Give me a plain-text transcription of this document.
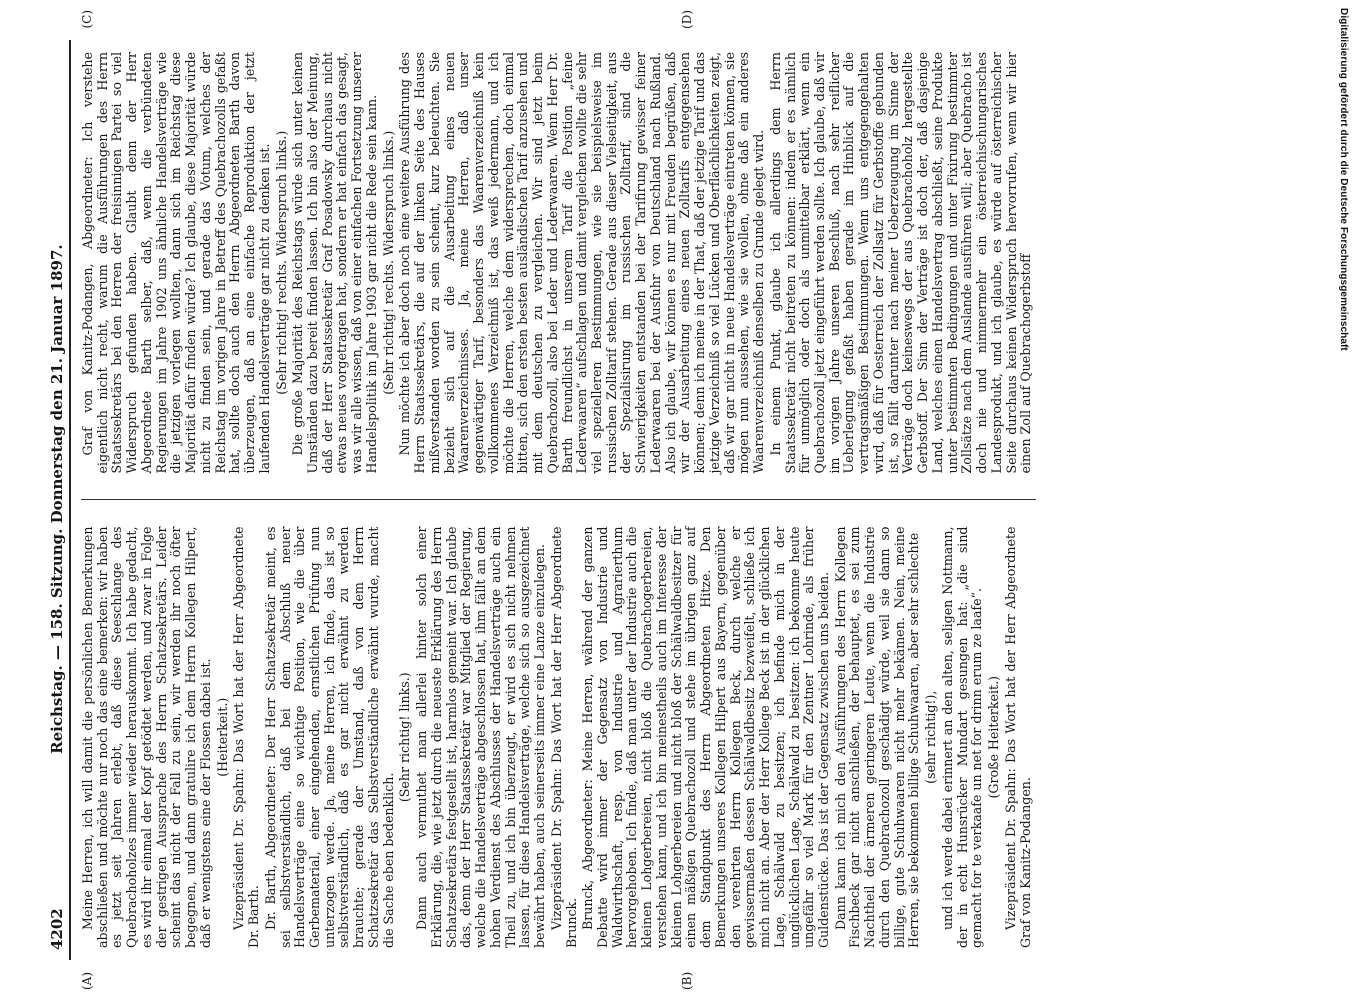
4202
Reichstag. — 158. Sitzung. Donnerstag den 21. Januar 1897. Meine Herren, ich will damit die persönlichen Bemerkungen abschließen und möchte nur noch das eine bemerken: wir haben es jetzt seit Jahren erlebt, daß diese Seeschlange des Quebrachoholzes immer wieder herauskommt. Ich habe gedacht, es wird ihr einmal der Kopf getödtet werden, und zwar in Folge der gestrigen Aussprache des Herrn Schatzsekretärs. Leider scheint das nicht der Fall zu sein, wir werden ihr noch öfter begegnen, und dann gratulire ich dem Herrn Kollegen Hilpert, daß er wenigstens eine der Flossen dabei ist. (Heiterkeit.) Vizepräsident Dr. Spahn: Das Wort hat der Herr Abgeordnete Dr. Barth. Dr. Barth, Abgeordneter: Der Herr Schatzsekretär meint, es sei selbstverständlich, daß bei dem Abschluß neuer Handelsverträge eine so wichtige Position, wie die über Gerbematerial, einer eingehenden, ernstlichen Prüfung nun unterzogen werde. Ja, meine Herren, ich finde, das ist so selbstverständlich, daß es gar nicht erwähnt zu werden brauchte; gerade der Umstand, daß von dem Herrn Schatzsekretär das Selbstverständliche erwähnt wurde, macht die Sache eben bedenklich.

(Sehr richtig! links.) Dann auch vermuthet man allerlei hinter solch einer Erklärung, die, wie jetzt durch die neueste Erklärung des Herrn Schatzsekretärs festgestellt ist, harmlos gemeint war. Ich glaube das, denn der Herr Staatssekretär war Mitglied der Regierung, welche die Handelsverträge abgeschlossen hat, ihm fällt an dem hohen Verdienst des Abschlusses der Handelsverträge auch ein Theil zu, und ich bin überzeugt, er wird es sich nicht nehmen lassen, für diese Handelsverträge, welche sich so ausgezeichnet bewährt haben, auch seinerseits immer eine Lanze einzulegen. Vizepräsident Dr. Spahn: Das Wort hat der Herr Abgeordnete Brunck. Brunck, Abgeordneter: Meine Herren, während der ganzen Debatte wird immer der Gegensatz von Industrie und Waldwirthschaft, resp. von Industrie und Agrarierthum hervorgehoben. Ich finde, daß man unter der Industrie auch die kleinen Lohgerbereien, nicht bloß die Quebrachogerbereien, verstehen kann, und ich bin meinestheils auch im Interesse der kleinen Lohgerbereien und nicht bloß der Schälwaldbesitzer für einen mäßigen Quebrachozoll und stehe im übrigen ganz auf dem Standpunkt des Herrn Abgeordneten Hitze. Den Bemerkungen unseres Kollegen Hilpert aus Bayern, gegenüber den verehrten Herrn Kollegen Beck, durch welche er gewissermaßen dessen Schälwaldbesitz bezweifelt, schließe ich mich nicht an. Aber der Herr Kollege Beck ist in der glücklichen Lage, Schälwald zu besitzen; ich befinde mich in der unglücklichen Lage, Schälwald zu besitzen: ich bekomme heute ungefähr so viel Mark für den Zentner Lohrinde, als früher Guldenstücke. Das ist der Gegensatz zwischen uns beiden. Dann kann ich mich den Ausführungen des Herrn Kollegen Fischbeck gar nicht anschließen, der behauptet, es sei zum Nachtheil der ärmeren geringeren Leute, wenn die Industrie durch den Quebrachozoll geschädigt würde, weil sie dann so billige, gute Schuhwaaren nicht mehr bekämen. Nein, meine Herren, sie bekommen billige Schuhwaaren, aber sehr schlechte (sehr richtig!), und ich werde dabei erinnert an den alten, seligen Nottmann, der in echt Hunsrücker Mundart gesungen hat: „die sind gemacht for te verkaafe un net for drinn erum ze laafe“. (Große Heiterkeit.) Vizepräsident Dr. Spahn: Das Wort hat der Herr Abgeordnete Graf von Kanitz-Podangen.

Graf von Kanitz-Podangen, Abgeordneter: Ich verstehe eigentlich nicht recht, warum die Ausführungen des Herrn Staatssekretärs bei den Herren der freisinnigen Partei so viel Widerspruch gefunden haben. Glaubt denn der Herr Abgeordnete Barth selber, daß, wenn die verbündeten Regierungen im Jahre 1902 uns ähnliche Handelsverträge wie die jetzigen vorlegen wollten, dann sich im Reichstag diese Majorität dafür finden würde? Ich glaube, diese Majorität würde nicht zu finden sein, und gerade das Votum, welches der Reichstag im vorigen Jahre in Betreff des Quebrachozolls gefaßt hat, sollte doch auch den Herrn Abgeordneten Barth davon überzeugen, daß an eine einfache Reproduktion der jetzt laufenden Handelsverträge gar nicht zu denken ist. (Sehr richtig! rechts. Widerspruch links.) Die große Majorität des Reichstags würde sich unter keinen Umständen dazu bereit finden lassen. Ich bin also der Meinung, daß der Herr Staatssekretär Graf Posadowsky durchaus nicht etwas neues vorgetragen hat, sondern er hat einfach das gesagt, was wir alle wissen, daß von einer einfachen Fortsetzung unserer Handelspolitik im Jahre 1903 gar nicht die Rede sein kann. (Sehr richtig! rechts. Widerspruch links.) Nun möchte ich aber doch noch eine weitere Ausführung des Herrn Staatssekretärs, die auf der linken Seite des Hauses mißverstanden worden zu sein scheint, kurz beleuchten. Sie bezieht sich auf die Ausarbeitung eines neuen Waarenverzeichnisses. Ja, meine Herren, daß unser gegenwärtiger Tarif, besonders das Waarenverzeichniß kein vollkommenes Verzeichniß ist, das weiß jedermann, und ich möchte die Herren, welche dem widersprechen, doch einmal bitten, sich den ersten besten ausländischen Tarif anzusehen und mit dem deutschen zu vergleichen. Wir sind jetzt beim Quebrachozoll, also bei Leder und Lederwaaren. Wenn Herr Dr. Barth freundlichst in unserem Tarif die Position „feine Lederwaaren“ aufschlagen und damit vergleichen wollte die sehr viel spezielleren Bestimmungen, wie sie beispielsweise im russischen Zolltarif stehen. Gerade aus dieser Vielseitigkeit, aus der Spezialisirung im russischen Zolltarif, sind die Schwierigkeiten entstanden bei der Tarifirung gewisser feiner Lederwaaren bei der Ausfuhr von Deutschland nach Rußland. Also ich glaube, wir können es nur mit Freuden begrüßen, daß wir der Ausarbeitung eines neuen Zolltarifs entgegensehen können; denn ich meine in der That, daß der jetzige Tarif und das jetzige Verzeichniß so viel Lücken und Oberflächlichkeiten zeigt, daß wir gar nicht in neue Handelsverträge eintreten können, sie mögen nun aussehen, wie sie wollen, ohne daß ein anderes Waarenverzeichniß denselben zu Grunde gelegt wird. In einem Punkt, glaube ich allerdings dem Herrn Staatssekretär nicht beitreten zu können: indem er es nämlich für unmöglich oder doch als unmittelbar erklärt, wenn ein Quebrachozoll jetzt eingeführt werden sollte. Ich glaube, daß wir im vorigen Jahre unseren Beschluß, nach sehr reiflicher Ueberlegung gefaßt haben gerade im Hinblick auf die vertragsmäßigen Bestimmungen. Wenn uns entgegengehalten wird, daß für Oesterreich der Zollsatz für Gerbstoffe gebunden ist, so fällt darunter nach meiner Ueberzeugung im Sinne der Verträge doch keineswegs der aus Quebrachoholz hergestellte Gerbstoff. Der Sinn der Verträge ist doch der, daß dasjenige Land, welches einen Handelsvertrag abschließt, seine Produkte unter bestimmten Bedingungen und unter Fixirung bestimmter Zollsätze nach dem Auslande ausführen will; aber Quebracho ist doch nie und nimmermehr ein österreichischungarisches Landesprodukt, und ich glaube, es würde auf österreichischer Seite durchaus keinen Widerspruch hervorrufen, wenn wir hier einen Zoll auf Quebrachogerbstoff

(A)	(B)
(C)	(D)	Digitalisierung gefördert durch die Deutsche Forschungsgemeinschaft
